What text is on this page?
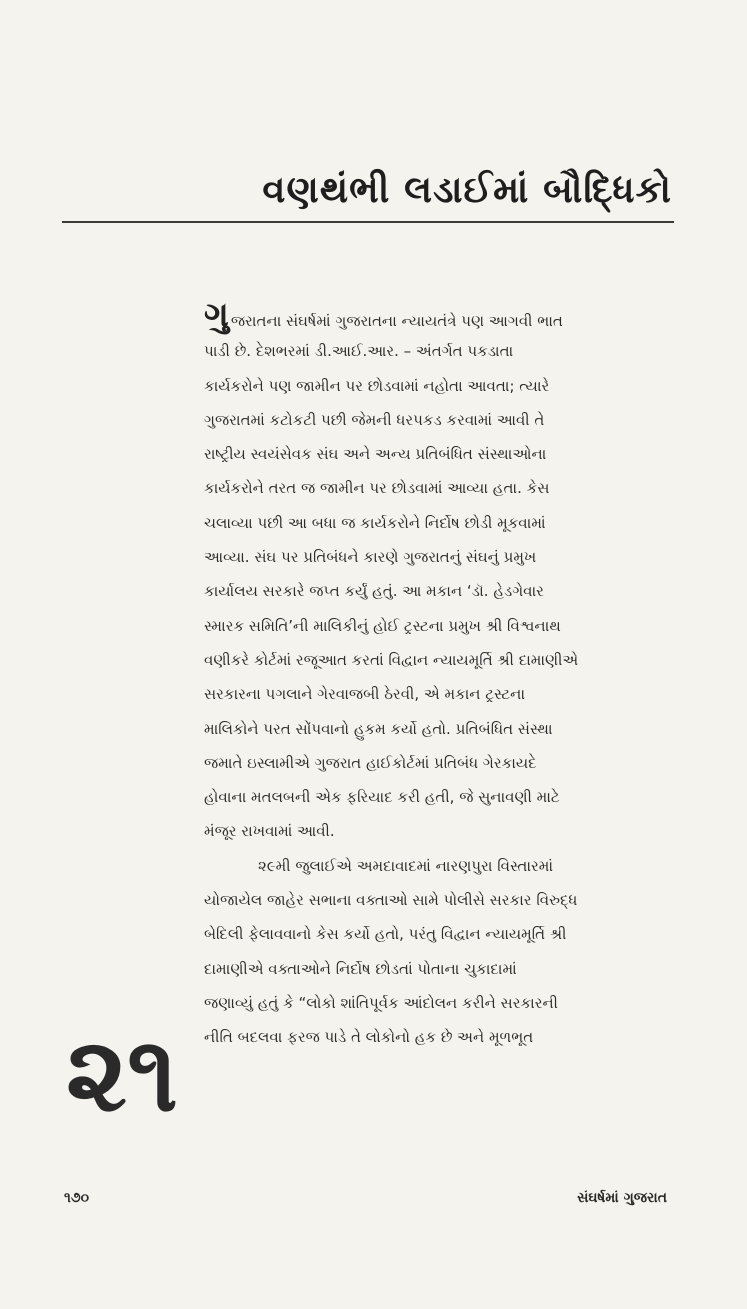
વણથંભી લડાઈમાં બૌદ્ધિકો
ગુજરાતના સંઘર્ષમાં ગુજરાતના ન્યાયતંત્રે પણ આગવી ભાત
પાડી છે. દેશભરમાં ડી.આઈ.આર. – અંતર્ગત પકડાતા
કાર્યકરોને પણ જામીન પર છોડવામાં નહોતા આવતા; ત્યારે
ગુજરાતમાં કટોકટી પછી જેમની ધરપકડ કરવામાં આવી તે
રાષ્ટ્રીય સ્વયંસેવક સંઘ અને અન્ય પ્રતિબંધિત સંસ્થાઓના
કાર્યકરોને તરત જ જામીન પર છોડવામાં આવ્યા હતા. કેસ
ચલાવ્યા પછી આ બધા જ કાર્યકરોને નિર્દોષ છોડી મૂકવામાં
આવ્યા. સંઘ પર પ્રતિબંધને કારણે ગુજરાતનું સંઘનું પ્રમુખ
કાર્યાલય સરકારે જપ્ત કર્યું હતું. આ મકાન ‘ડૉ. હેડગેવાર
સ્મારક સમિતિ’ની માલિકીનું હોઈ ટ્રસ્ટના પ્રમુખ શ્રી વિશ્વનાથ
વણીકરે કોર્ટમાં રજૂઆત કરતાં વિદ્વાન ન્યાયમૂર્તિ શ્રી દામાણીએ
સરકારના પગલાને ગેરવાજબી ઠેરવી, એ મકાન ટ્રસ્ટના
માલિકોને પરત સોંપવાનો હુકમ કર્યો હતો. પ્રતિબંધિત સંસ્થા
જમાતે ઇસ્લામીએ ગુજરાત હાઈકોર્ટમાં પ્રતિબંધ ગેરકાયદે
હોવાના મતલબની એક ફરિયાદ કરી હતી, જે સુનાવણી માટે
મંજૂર રાખવામાં આવી.
૨૯મી જુલાઈએ અમદાવાદમાં નારણપુરા વિસ્તારમાં
યોજાયેલ જાહેર સભાના વક્તાઓ સામે પોલીસે સરકાર વિરુદ્ધ
બેદિલી ફેલાવવાનો કેસ કર્યો હતો, પરંતુ વિદ્વાન ન્યાયમૂર્તિ શ્રી
દામાણીએ વક્તાઓને નિર્દોષ છોડતાં પોતાના ચુકાદામાં
જણાવ્યું હતું કે “લોકો શાંતિપૂર્વક આંદોલન કરીને સરકારની
નીતિ બદલવા ફરજ પાડે તે લોકોનો હક છે અને મૂળભૂત
૨૧
૧૭૦	સંઘર્ષમાં ગુજરાત
